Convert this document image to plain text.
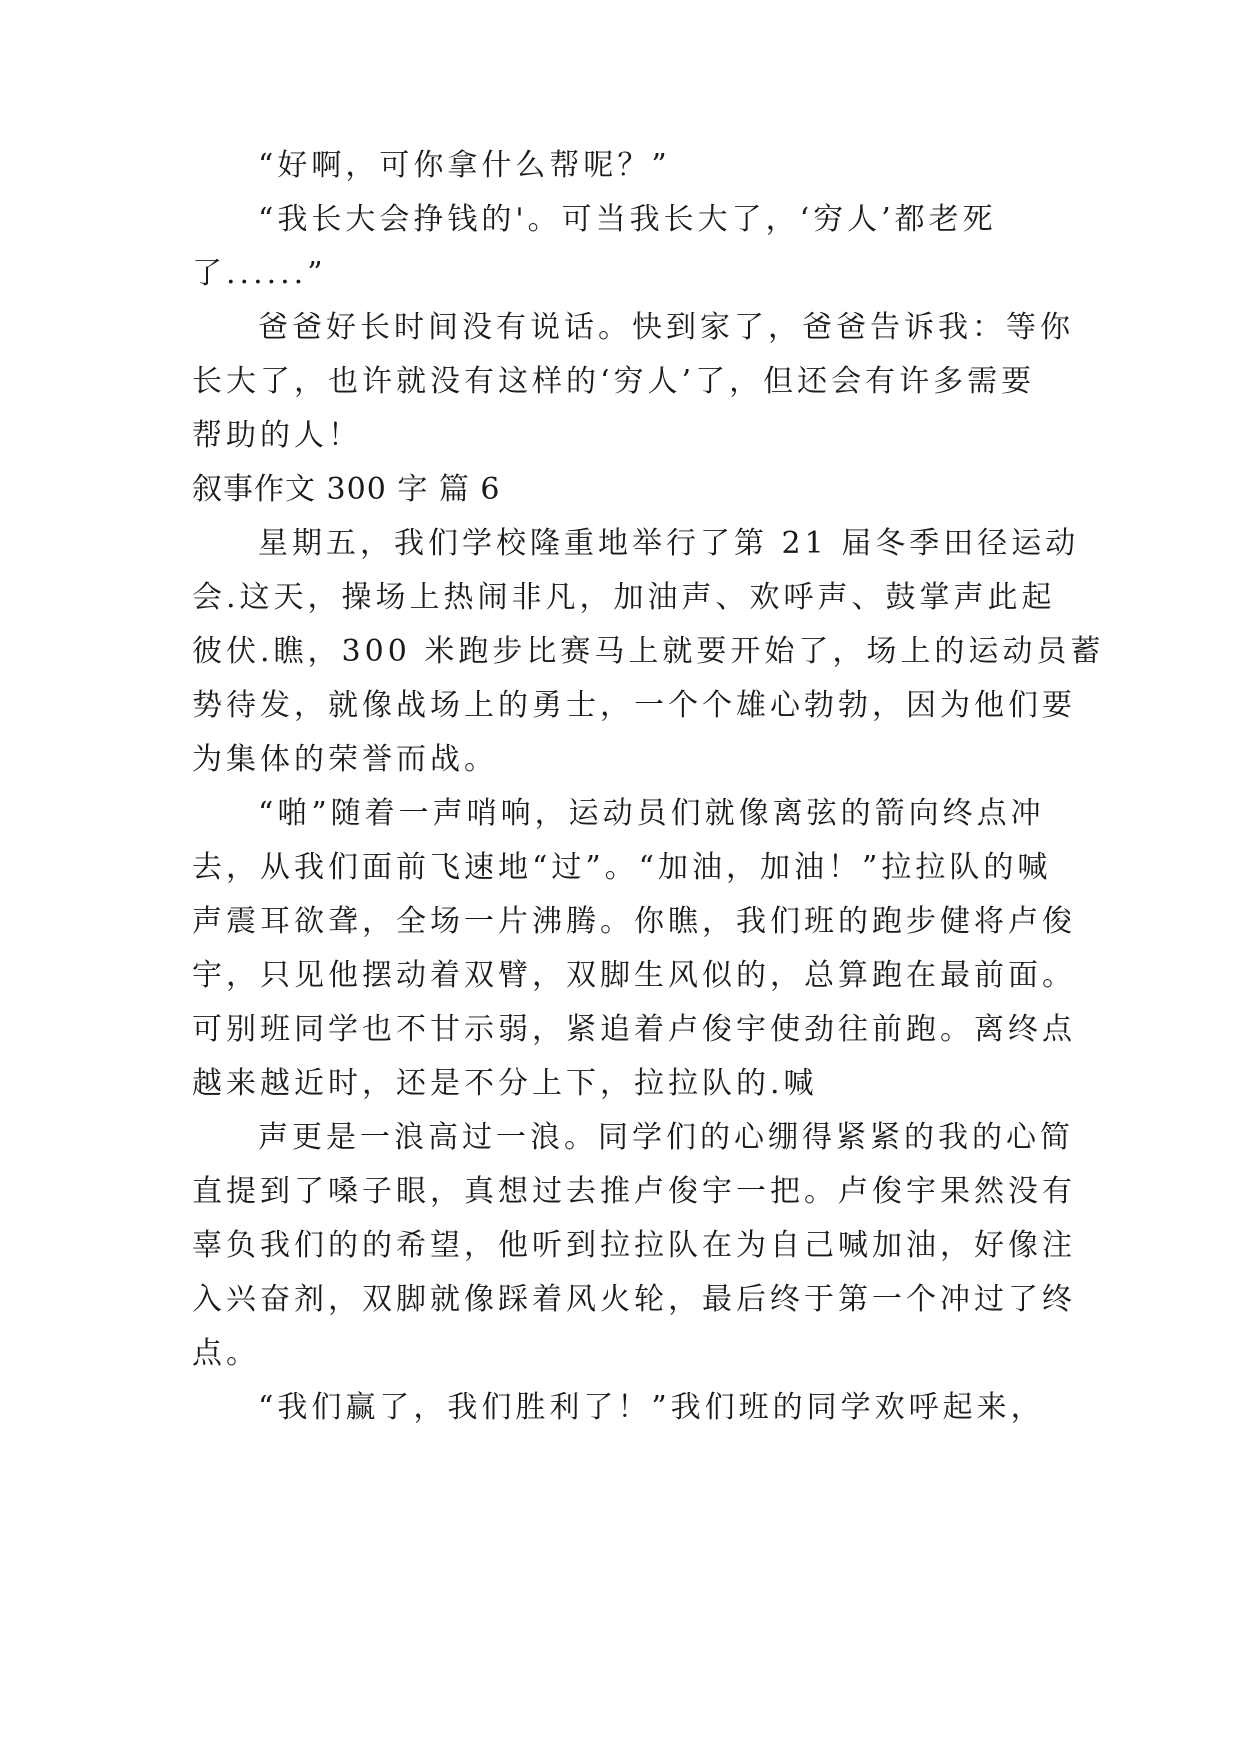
“好啊，可你拿什么帮呢？”
“我长大会挣钱的'。可当我长大了，‘穷人’都老死
了......”
爸爸好长时间没有说话。快到家了，爸爸告诉我：等你
长大了，也许就没有这样的‘穷人’了，但还会有许多需要
帮助的人！
叙事作文 300 字 篇 6
星期五，我们学校隆重地举行了第 21 届冬季田径运动
会.这天，操场上热闹非凡，加油声、欢呼声、鼓掌声此起
彼伏.瞧，300 米跑步比赛马上就要开始了，场上的运动员蓄
势待发，就像战场上的勇士，一个个雄心勃勃，因为他们要
为集体的荣誉而战。
“啪”随着一声哨响，运动员们就像离弦的箭向终点冲
去，从我们面前飞速地“过”。“加油，加油！”拉拉队的喊
声震耳欲聋，全场一片沸腾。你瞧，我们班的跑步健将卢俊
宇，只见他摆动着双臂，双脚生风似的，总算跑在最前面。
可别班同学也不甘示弱，紧追着卢俊宇使劲往前跑。离终点
越来越近时，还是不分上下，拉拉队的.喊
声更是一浪高过一浪。同学们的心绷得紧紧的我的心简
直提到了嗓子眼，真想过去推卢俊宇一把。卢俊宇果然没有
辜负我们的的希望，他听到拉拉队在为自己喊加油，好像注
入兴奋剂，双脚就像踩着风火轮，最后终于第一个冲过了终
点。
“我们赢了，我们胜利了！”我们班的同学欢呼起来，
